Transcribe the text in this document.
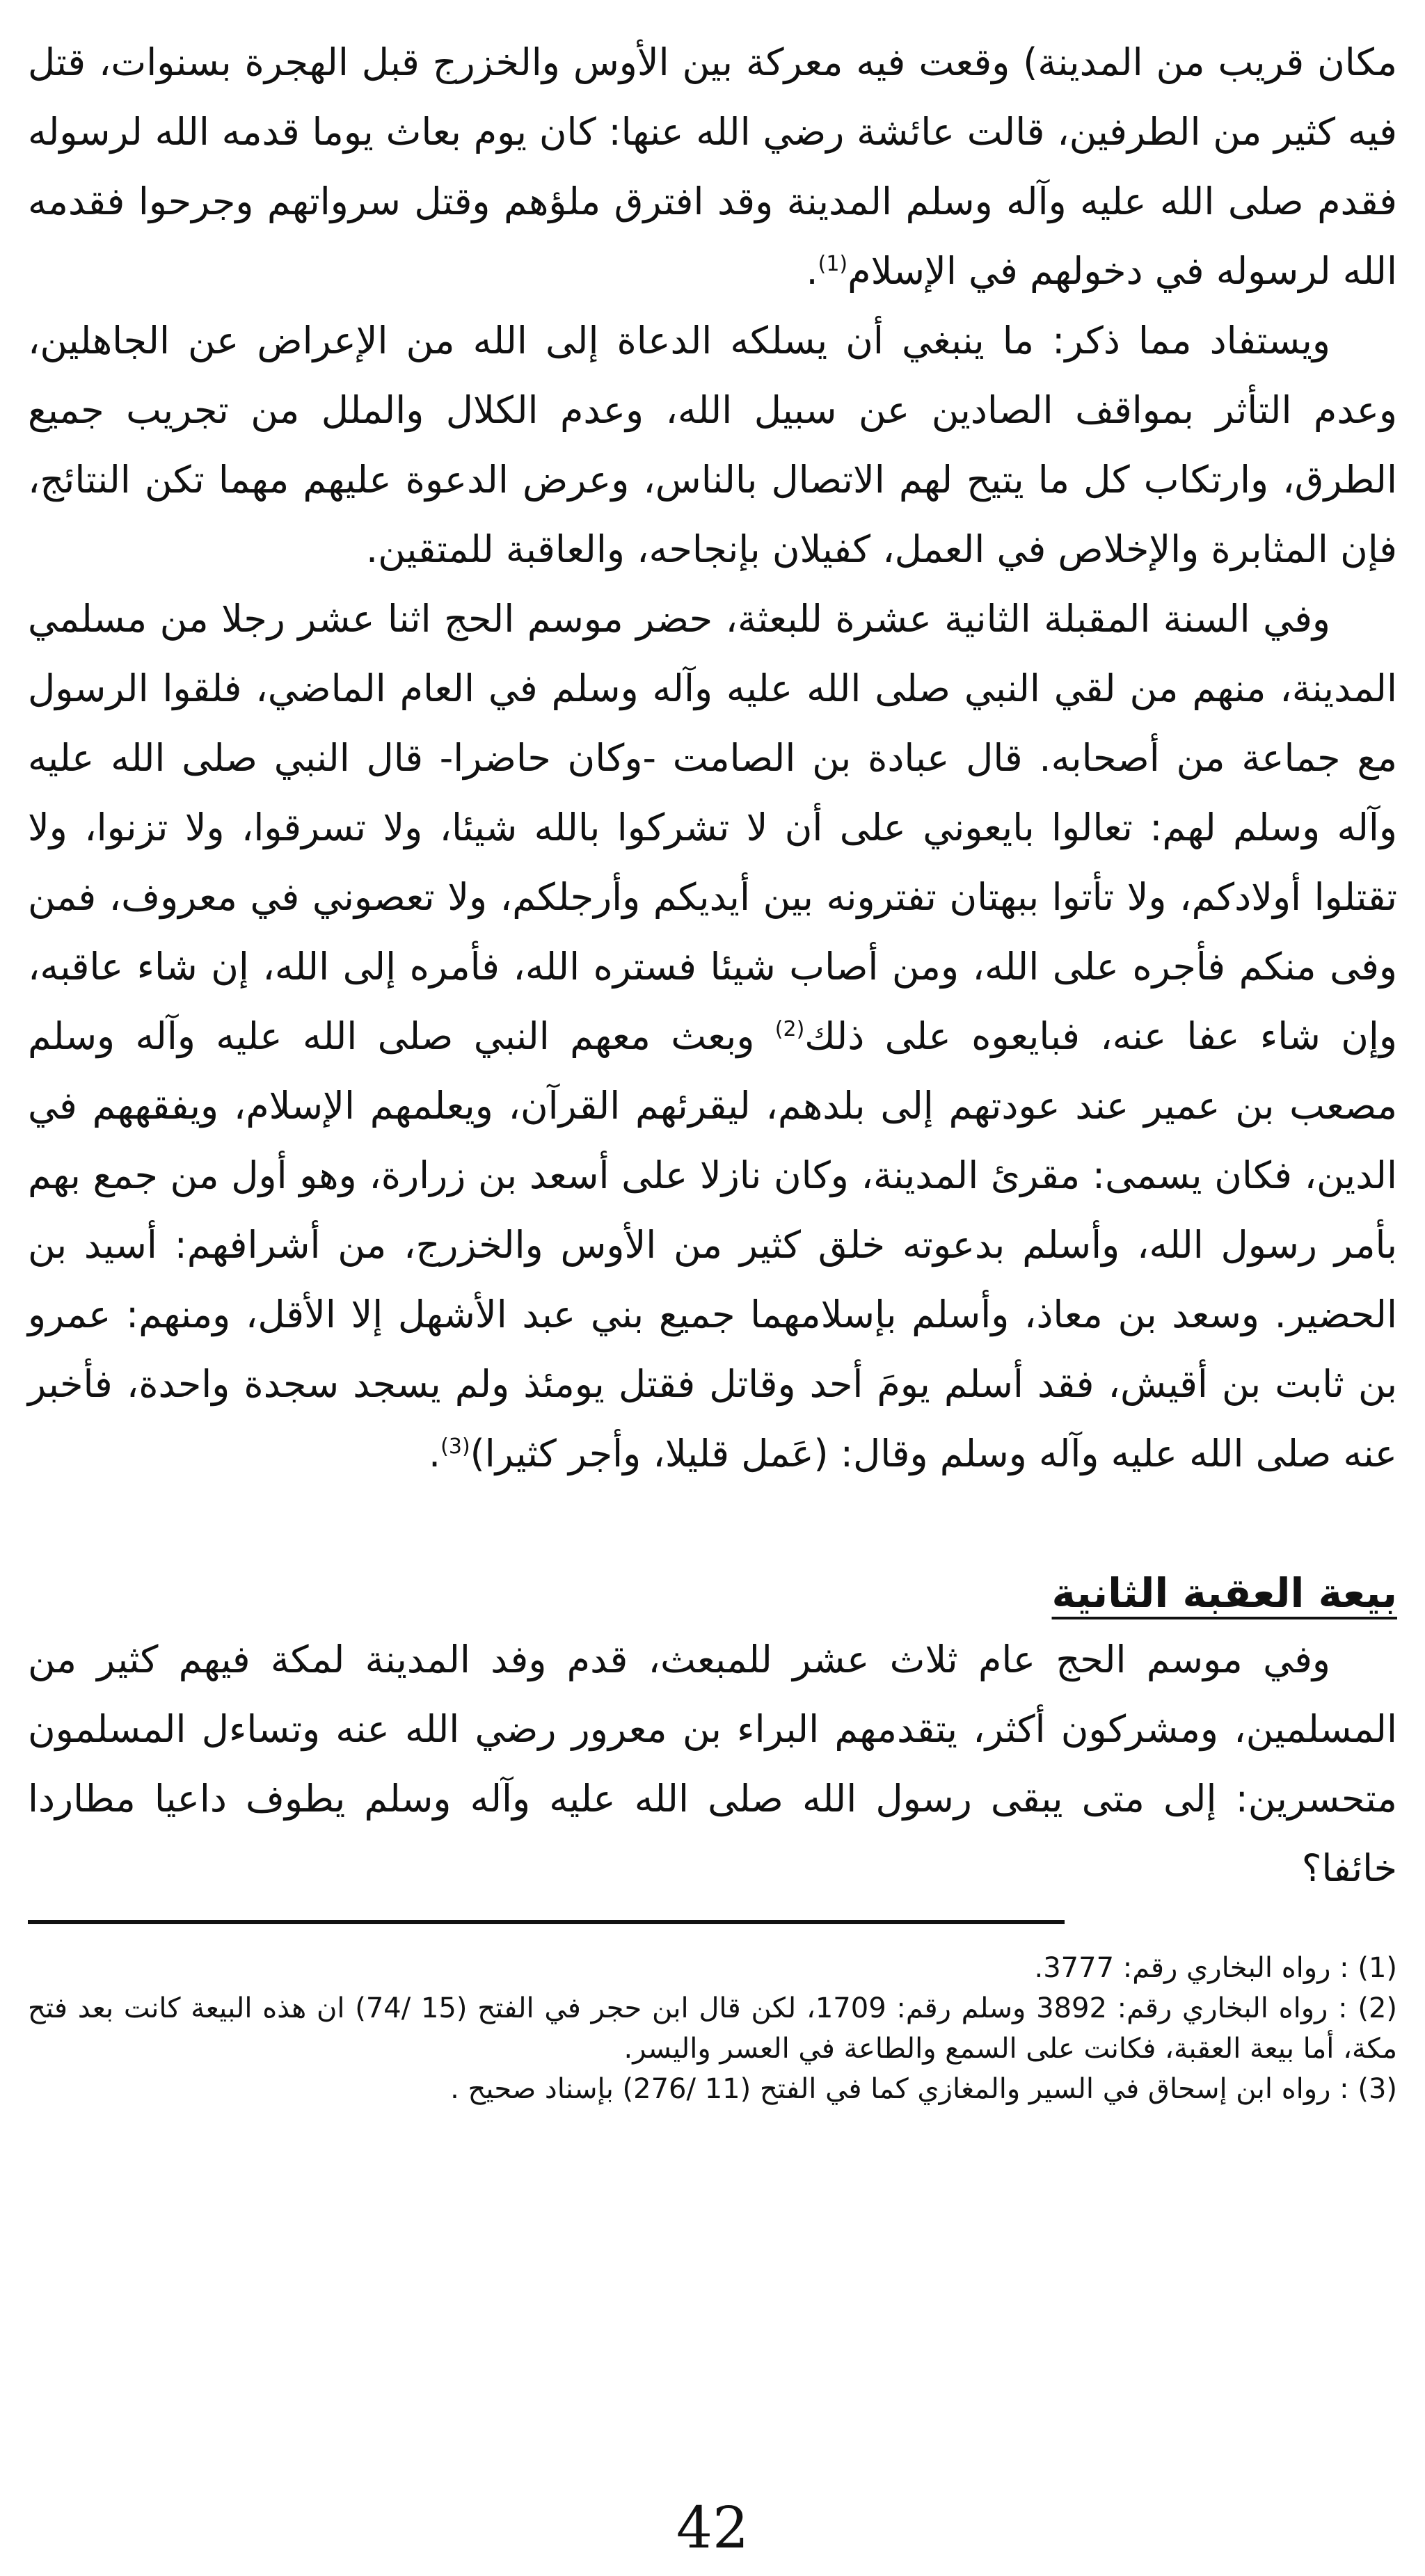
مكان قريب من المدينة) وقعت فيه معركة بين الأوس والخزرج قبل الهجرة بسنوات، قتل فيه كثير من الطرفين، قالت عائشة رضي الله عنها: كان يوم بعاث يوما قدمه الله لرسوله فقدم صلى الله عليه وآله وسلم المدينة وقد افترق ملؤهم وقتل سرواتهم وجرحوا فقدمه الله لرسوله في دخولهم في الإسلام$^{(1)}$.

ويستفاد مما ذكر: ما ينبغي أن يسلكه الدعاة إلى الله من الإعراض عن الجاهلين، وعدم التأثر بمواقف الصادين عن سبيل الله، وعدم الكلال والملل من تجريب جميع الطرق، وارتكاب كل ما يتيح لهم الاتصال بالناس، وعرض الدعوة عليهم مهما تكن النتائج، فإن المثابرة والإخلاص في العمل، كفيلان بإنجاحه، والعاقبة للمتقين.

وفي السنة المقبلة الثانية عشرة للبعثة، حضر موسم الحج اثنا عشر رجلا من مسلمي المدينة، منهم من لقي النبي صلى الله عليه وآله وسلم في العام الماضي، فلقوا الرسول مع جماعة من أصحابه. قال عبادة بن الصامت -وكان حاضرا- قال النبي صلى الله عليه وآله وسلم لهم: تعالوا بايعوني على أن لا تشركوا بالله شيئا، ولا تسرقوا، ولا تزنوا، ولا تقتلوا أولادكم، ولا تأتوا ببهتان تفترونه بين أيديكم وأرجلكم، ولا تعصوني في معروف، فمن وفى منكم فأجره على الله، ومن أصاب شيئا فستره الله، فأمره إلى الله، إن شاء عاقبه، وإن شاء عفا عنه، فبايعوه على ذلك$^{(2)}$ وبعث معهم النبي صلى الله عليه وآله وسلم مصعب بن عمير عند عودتهم إلى بلدهم، ليقرئهم القرآن، ويعلمهم الإسلام، ويفقههم في الدين، فكان يسمى: مقرئ المدينة، وكان نازلا على أسعد بن زرارة، وهو أول من جمع بهم بأمر رسول الله، وأسلم بدعوته خلق كثير من الأوس والخزرج، من أشرافهم: أسيد بن الحضير. وسعد بن معاذ، وأسلم بإسلامهما جميع بني عبد الأشهل إلا الأقل، ومنهم: عمرو بن ثابت بن أقيش، فقد أسلم يومَ أحد وقاتل فقتل يومئذ ولم يسجد سجدة واحدة، فأخبر عنه صلى الله عليه وآله وسلم وقال: (عَمل قليلا، وأجر كثيرا)$^{(3)}$.

بيعة العقبة الثانية

وفي موسم الحج عام ثلاث عشر للمبعث، قدم وفد المدينة لمكة فيهم كثير من المسلمين، ومشركون أكثر، يتقدمهم البراء بن معرور رضي الله عنه وتساءل المسلمون متحسرين: إلى متى يبقى رسول الله صلى الله عليه وآله وسلم يطوف داعيا مطاردا خائفا؟

(1) : رواه البخاري رقم: 3777.

(2) : رواه البخاري رقم: 3892 وسلم رقم: 1709، لكن قال ابن حجر في الفتح (15 /74) ان هذه البيعة كانت بعد فتح مكة، أما بيعة العقبة، فكانت على السمع والطاعة في العسر واليسر.

(3) : رواه ابن إسحاق في السير والمغازي كما في الفتح (11 /276) بإسناد صحيح .

42
